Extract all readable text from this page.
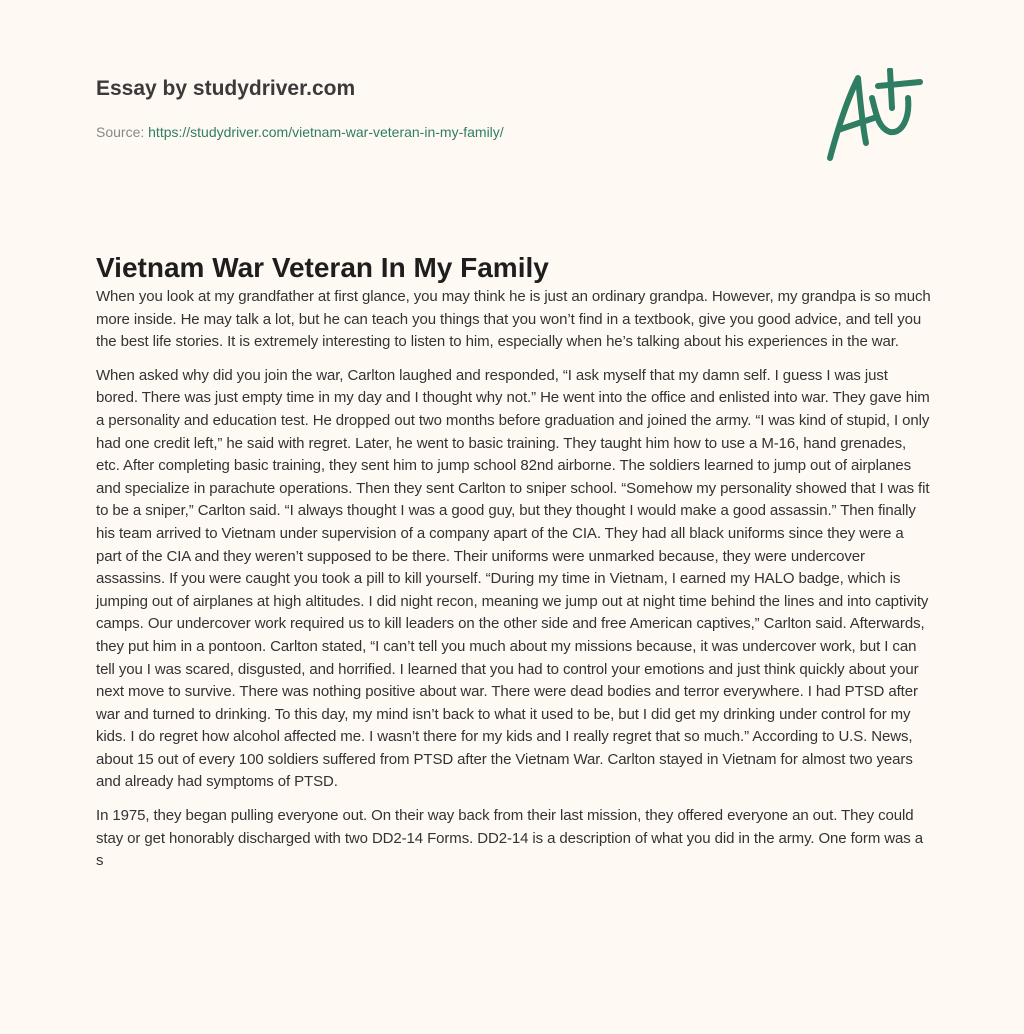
Essay by studydriver.com
Source: https://studydriver.com/vietnam-war-veteran-in-my-family/
Vietnam War Veteran In My Family

When you look at my grandfather at first glance, you may think he is just an ordinary grandpa. However, my grandpa is so much more inside. He may talk a lot, but he can teach you things that you won’t find in a textbook, give you good advice, and tell you the best life stories. It is extremely interesting to listen to him, especially when he’s talking about his experiences in the war.

When asked why did you join the war, Carlton laughed and responded, “I ask myself that my damn self. I guess I was just bored. There was just empty time in my day and I thought why not.” He went into the office and enlisted into war. They gave him a personality and education test. He dropped out two months before graduation and joined the army. “I was kind of stupid, I only had one credit left,” he said with regret. Later, he went to basic training. They taught him how to use a M-16, hand grenades, etc. After completing basic training, they sent him to jump school 82nd airborne. The soldiers learned to jump out of airplanes and specialize in parachute operations. Then they sent Carlton to sniper school. “Somehow my personality showed that I was fit to be a sniper,” Carlton said. “I always thought I was a good guy, but they thought I would make a good assassin.” Then finally his team arrived to Vietnam under supervision of a company apart of the CIA. They had all black uniforms since they were a part of the CIA and they weren’t supposed to be there. Their uniforms were unmarked because, they were undercover assassins. If you were caught you took a pill to kill yourself. “During my time in Vietnam, I earned my HALO badge, which is jumping out of airplanes at high altitudes. I did night recon, meaning we jump out at night time behind the lines and into captivity camps. Our undercover work required us to kill leaders on the other side and free American captives,” Carlton said. Afterwards, they put him in a pontoon. Carlton stated, “I can’t tell you much about my missions because, it was undercover work, but I can tell you I was scared, disgusted, and horrified. I learned that you had to control your emotions and just think quickly about your next move to survive. There was nothing positive about war. There were dead bodies and terror everywhere. I had PTSD after war and turned to drinking. To this day, my mind isn’t back to what it used to be, but I did get my drinking under control for my kids. I do regret how alcohol affected me. I wasn’t there for my kids and I really regret that so much.” According to U.S. News, about 15 out of every 100 soldiers suffered from PTSD after the Vietnam War. Carlton stayed in Vietnam for almost two years and already had symptoms of PTSD.

In 1975, they began pulling everyone out. On their way back from their last mission, they offered everyone an out. They could stay or get honorably discharged with two DD2-14 Forms. DD2-14 is a description of what you did in the army. One form was a s
